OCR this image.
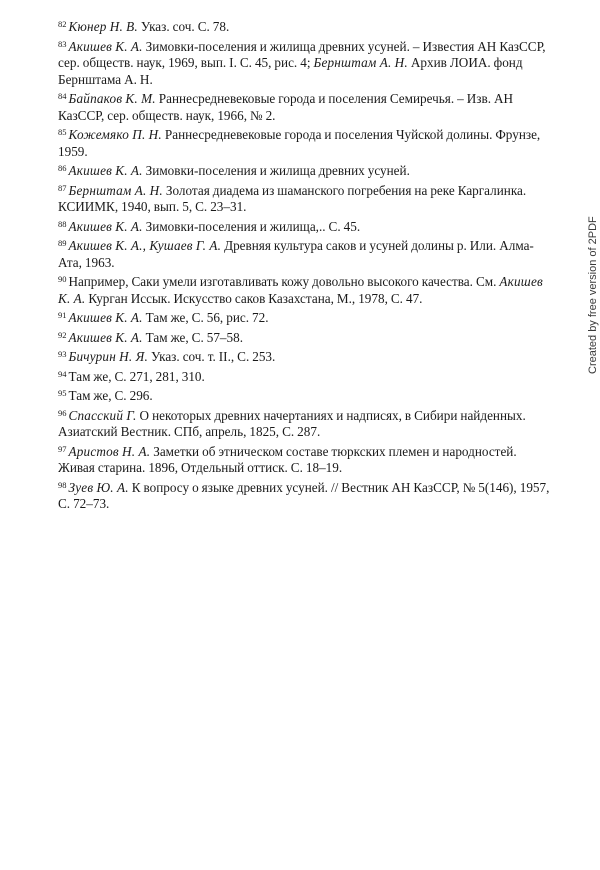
$^{82}$ Кюнер Н. В. Указ. соч. С. 78.
$^{83}$ Акишев К. А. Зимовки-поселения и жилища древних усуней. – Известия АН КазССР, сер. обществ. наук, 1969, вып. I. С. 45, рис. 4; Бернштам А. Н. Архив ЛОИА. фонд Бернштама А. Н.
$^{84}$ Байпаков К. М. Раннесредневековые города и поселения Семиречья. – Изв. АН КазССР, сер. обществ. наук, 1966, № 2.
$^{85}$ Кожемяко П. Н. Раннесредневековые города и поселения Чуйской долины. Фрунзе, 1959.
$^{86}$ Акишев К. А. Зимовки-поселения и жилища древних усуней.
$^{87}$ Бернштам А. Н. Золотая диадема из шаманского погребения на реке Каргалинка. КСИИМК, 1940, вып. 5, С. 23–31.
$^{88}$ Акишев К. А. Зимовки-поселения и жилища,.. С. 45.
$^{89}$ Акишев К. А., Кушаев Г. А. Древняя культура саков и усуней долины р. Или. Алма-Ата, 1963.
$^{90}$ Например, Саки умели изготавливать кожу довольно высокого качества. См. Акишев К. А. Курган Иссык. Искусство саков Казахстана, М., 1978, С. 47.
$^{91}$ Акишев К. А. Там же, С. 56, рис. 72.
$^{92}$ Акишев К. А. Там же, С. 57–58.
$^{93}$ Бичурин Н. Я. Указ. соч. т. II., С. 253.
$^{94}$ Там же, С. 271, 281, 310.
$^{95}$ Там же, С. 296.
$^{96}$ Спасский Г. О некоторых древних начертаниях и надписях, в Сибири найденных. Азиатский Вестник. СПб, апрель, 1825, С. 287.
$^{97}$ Аристов Н. А. Заметки об этническом составе тюркских племен и народностей. Живая старина. 1896, Отдельный оттиск. С. 18–19.
$^{98}$ Зуев Ю. А. К вопросу о языке древних усуней. // Вестник АН КазССР, № 5(146), 1957, С. 72–73.
Created by free version of 2PDF
